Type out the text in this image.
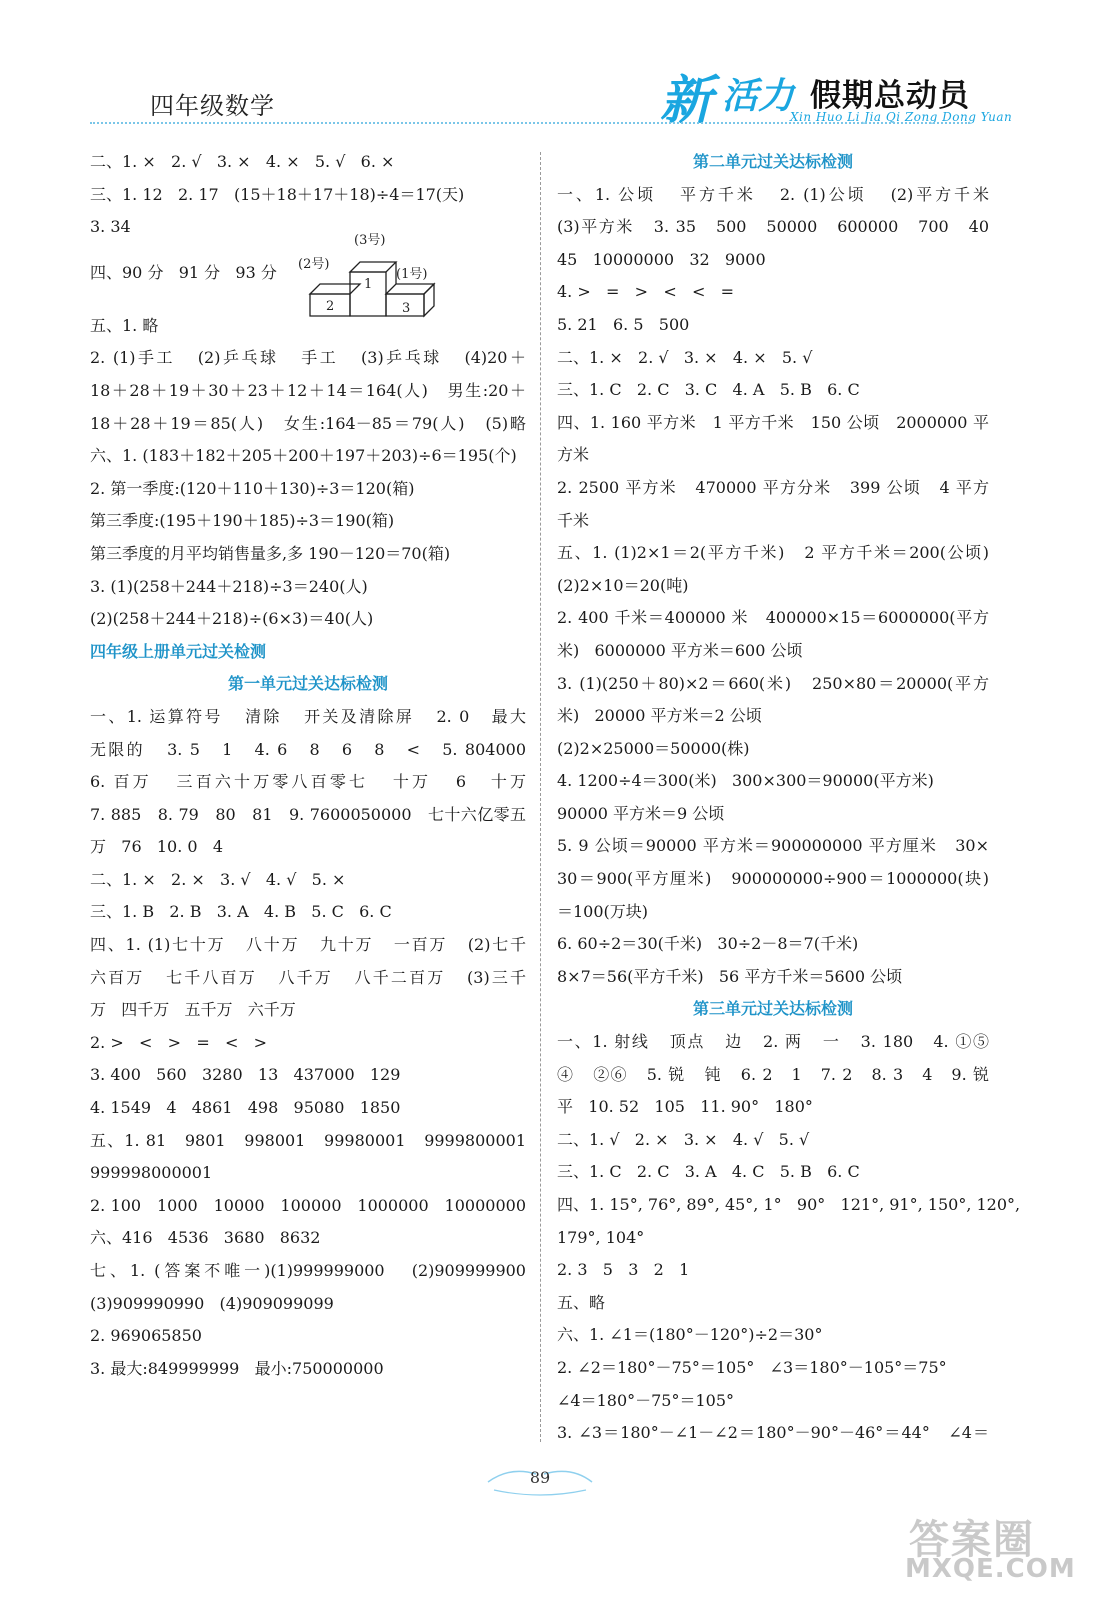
四年级数学	新 活力 假期总动员
Xin Huo Li Jia Qi Zong Dong Yuan
二、1. ×   2. √   3. ×   4. ×   5. √   6. ×
三、1. 12   2. 17   (15＋18＋17＋18)÷4＝17(天)
3. 34
四、90 分   91 分   93 分
(3号)
(2号)
(1号)
1
2	3
五、1. 略
2. (1)手工   (2)乒乓球   手工   (3)乒乓球   (4)20＋
18＋28＋19＋30＋23＋12＋14＝164(人)   男生:20＋
18＋28＋19＝85(人)   女生:164－85＝79(人)   (5)略
六、1. (183＋182＋205＋200＋197＋203)÷6＝195(个)
2. 第一季度:(120＋110＋130)÷3＝120(箱)
第三季度:(195＋190＋185)÷3＝190(箱)
第三季度的月平均销售量多,多 190－120＝70(箱)
3. (1)(258＋244＋218)÷3＝240(人)
(2)(258＋244＋218)÷(6×3)＝40(人)
四年级上册单元过关检测
第一单元过关达标检测
一、1. 运算符号   清除   开关及清除屏   2. 0   最大
无限的   3. 5   1   4. 6   8   6   8   <   5. 804000
6. 百万   三百六十万零八百零七   十万   6   十万
7. 885   8. 79   80   81   9. 7600050000   七十六亿零五
万   76   10. 0   4
二、1. ×   2. ×   3. √   4. √   5. ×
三、1. B   2. B   3. A   4. B   5. C   6. C
四、1. (1)七十万   八十万   九十万   一百万   (2)七千
六百万   七千八百万   八千万   八千二百万   (3)三千
万   四千万   五千万   六千万
2. >   <   >   =   <   >
3. 400   560   3280   13   437000   129
4. 1549   4   4861   498   95080   1850
五、1. 81   9801   998001   99980001   9999800001
999998000001
2. 100   1000   10000   100000   1000000   10000000
六、416   4536   3680   8632
七、1. (答案不唯一)(1)999999000   (2)909999900
(3)909990990   (4)909099099
2. 969065850
3. 最大:849999999   最小:750000000
第二单元过关达标检测
一、1. 公顷   平方千米   2. (1)公顷   (2)平方千米
(3)平方米   3. 35   500   50000   600000   700   40
45   10000000   32   9000
4. >   =   >   <   <   =
5. 21   6. 5   500
二、1. ×   2. √   3. ×   4. ×   5. √
三、1. C   2. C   3. C   4. A   5. B   6. C
四、1. 160 平方米   1 平方千米   150 公顷   2000000 平
方米
2. 2500 平方米   470000 平方分米   399 公顷   4 平方
千米
五、1. (1)2×1＝2(平方千米)   2 平方千米＝200(公顷)
(2)2×10＝20(吨)
2. 400 千米＝400000 米   400000×15＝6000000(平方
米)   6000000 平方米＝600 公顷
3. (1)(250＋80)×2＝660(米)   250×80＝20000(平方
米)   20000 平方米＝2 公顷
(2)2×25000＝50000(株)
4. 1200÷4＝300(米)   300×300＝90000(平方米)
90000 平方米＝9 公顷
5. 9 公顷＝90000 平方米＝900000000 平方厘米   30×
30＝900(平方厘米)   900000000÷900＝1000000(块)
＝100(万块)
6. 60÷2＝30(千米)   30÷2－8＝7(千米)
8×7＝56(平方千米)   56 平方千米＝5600 公顷
第三单元过关达标检测
一、1. 射线   顶点   边   2. 两   一   3. 180   4. ①⑤
④   ②⑥   5. 锐   钝   6. 2   1   7. 2   8. 3   4   9. 锐
平   10. 52   105   11. 90°   180°
二、1. √   2. ×   3. ×   4. √   5. √
三、1. C   2. C   3. A   4. C   5. B   6. C
四、1. 15°, 76°, 89°, 45°, 1°   90°   121°, 91°, 150°, 120°,
179°, 104°
2. 3   5   3   2   1
五、略
六、1. ∠1＝(180°－120°)÷2＝30°
2. ∠2＝180°－75°＝105°   ∠3＝180°－105°＝75°
∠4＝180°－75°＝105°
3. ∠3＝180°－∠1－∠2＝180°－90°－46°＝44°   ∠4＝
89
答案圈
MXQE.COM
